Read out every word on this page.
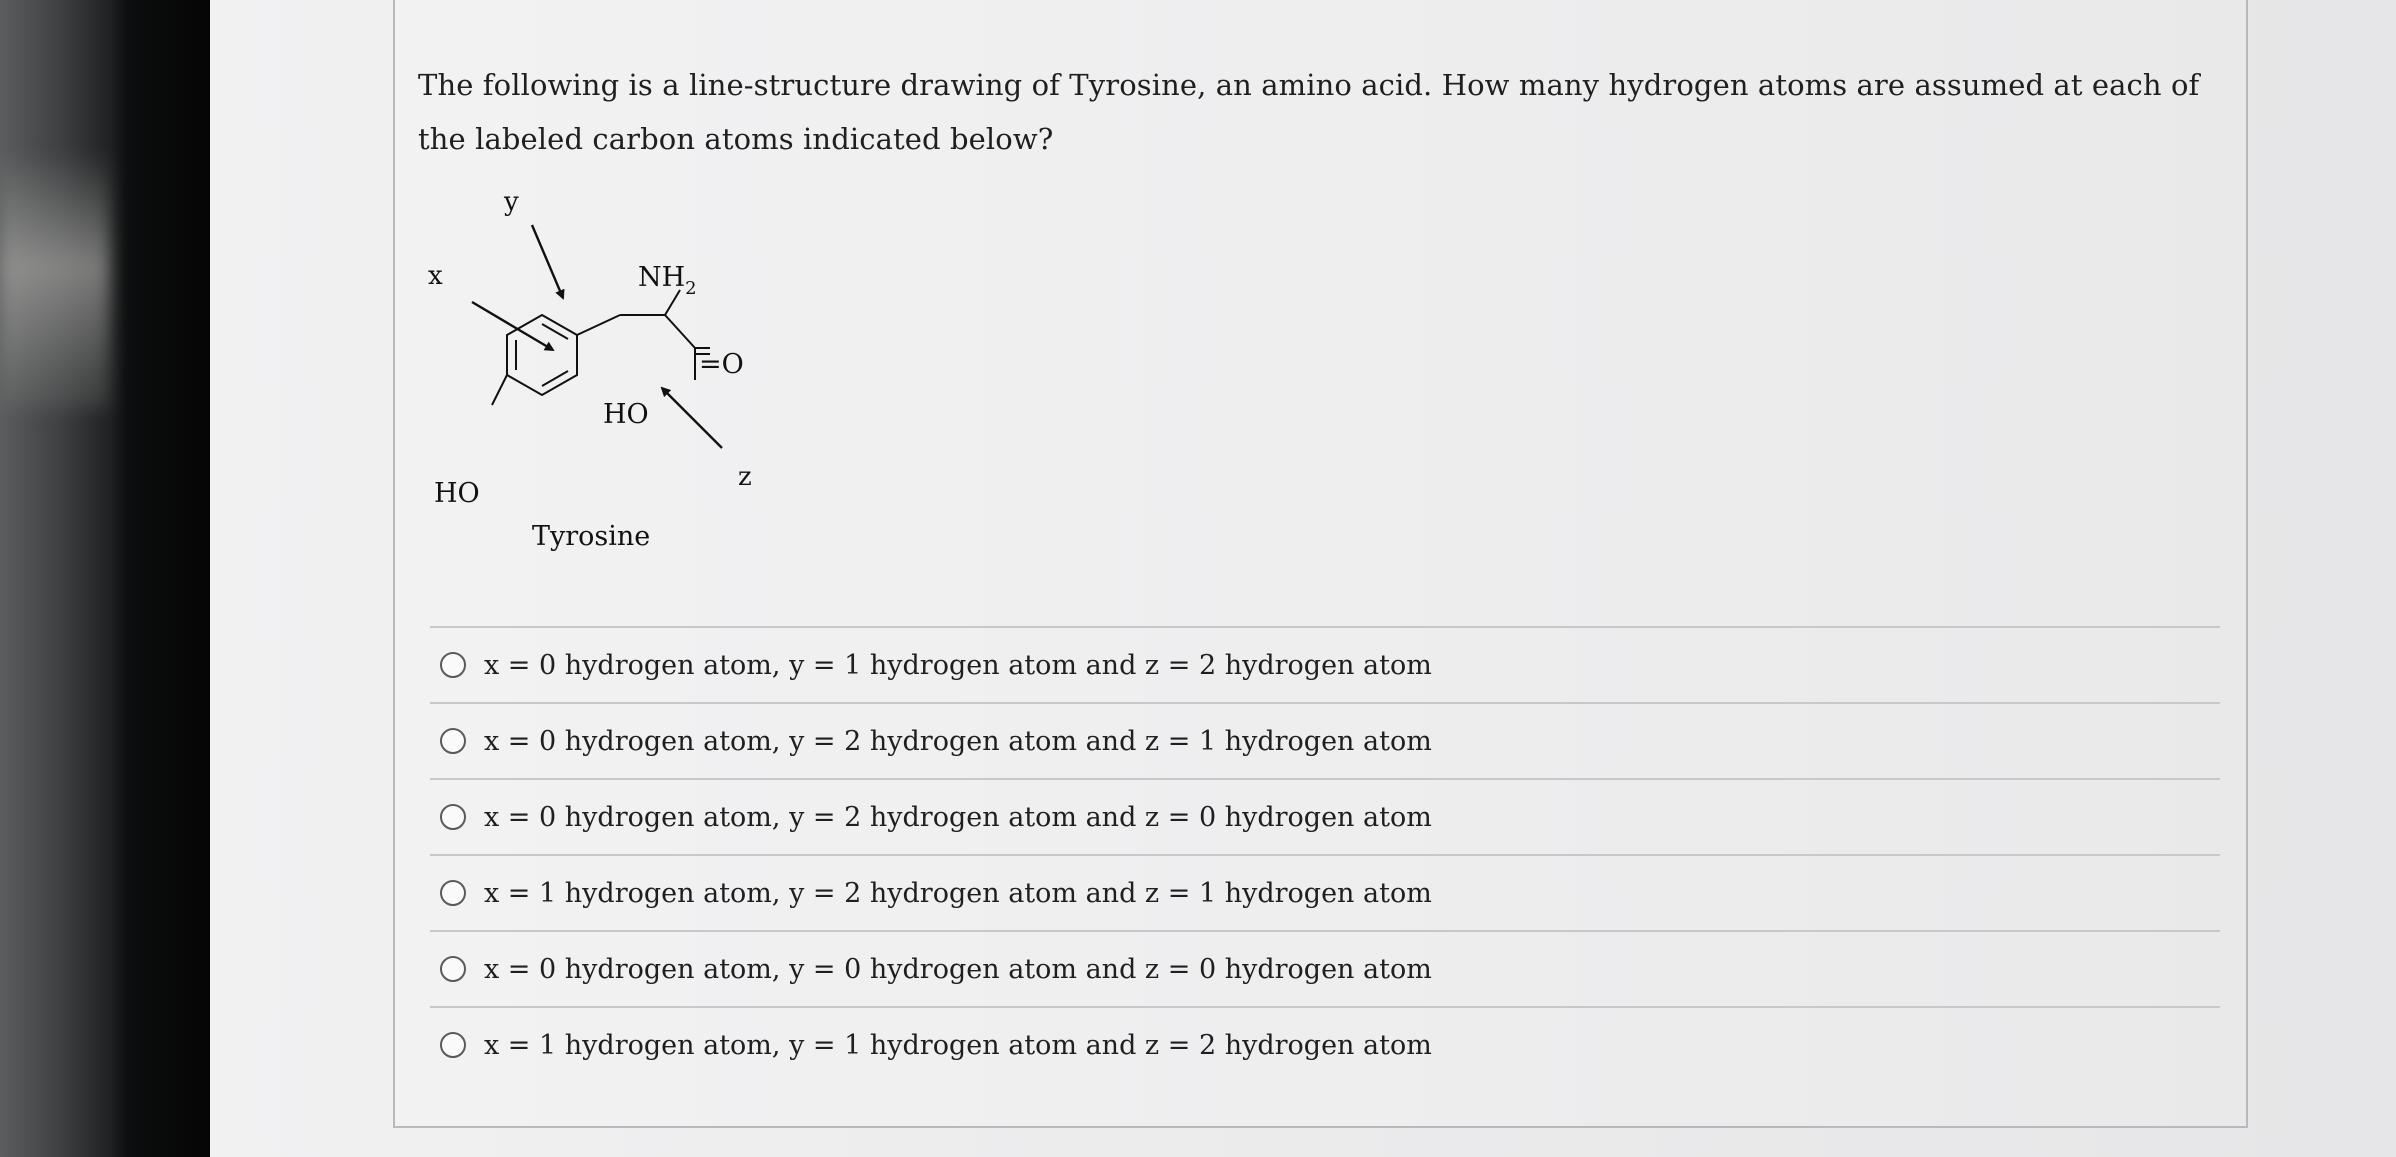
The following is a line-structure drawing of Tyrosine, an amino acid. How many hydrogen atoms are assumed at each of the labeled carbon atoms indicated below?
x
y
z
$NH_2$
=O
HO
HO
Tyrosine
x = 0 hydrogen atom, y = 1 hydrogen atom and z = 2 hydrogen atom
x = 0 hydrogen atom, y = 2 hydrogen atom and z = 1 hydrogen atom
x = 0 hydrogen atom, y = 2 hydrogen atom and z = 0 hydrogen atom
x = 1 hydrogen atom, y = 2 hydrogen atom and z = 1 hydrogen atom
x = 0 hydrogen atom, y = 0 hydrogen atom and z = 0 hydrogen atom
x = 1 hydrogen atom, y = 1 hydrogen atom and z = 2 hydrogen atom
